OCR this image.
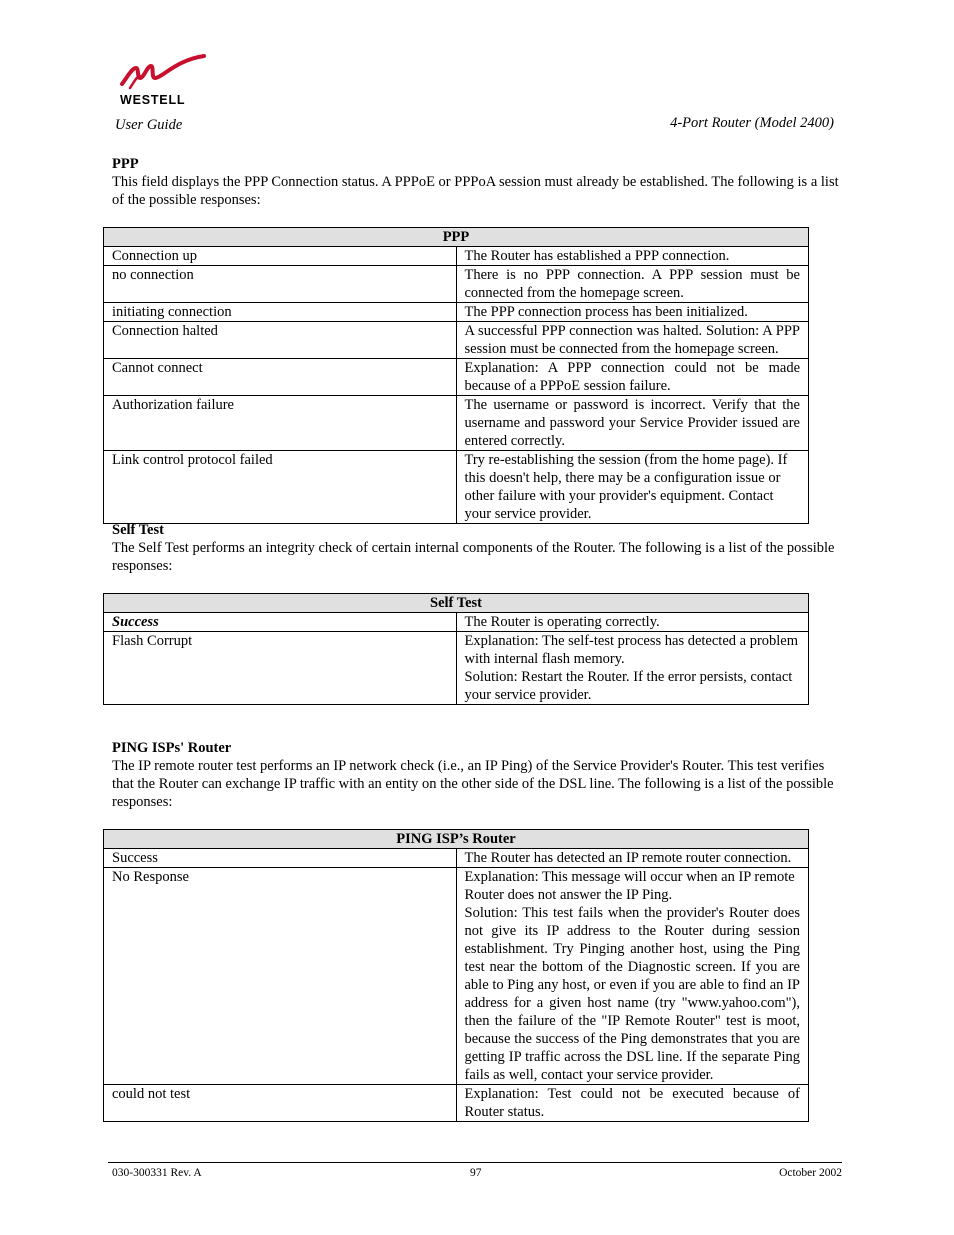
WESTELL
User Guide	4-Port Router (Model 2400)
PPP

This field displays the PPP Connection status. A PPPoE or PPPoA session must already be established. The following is a list of the possible responses:

PPP	
Connection up	The Router has established a PPP connection.
no connection	There is no PPP connection. A PPP session must be connected from the homepage screen.
initiating connection	The PPP connection process has been initialized.
Connection halted	A successful PPP connection was halted. Solution: A PPP session must be connected from the homepage screen.
Cannot connect	Explanation: A PPP connection could not be made because of a PPPoE session failure.
Authorization failure	The username or password is incorrect. Verify that the username and password your Service Provider issued are entered correctly.
Link control protocol failed	Try re-establishing the session (from the home page). If this doesn't help, there may be a configuration issue or other failure with your provider's equipment. Contact your service provider.
Self Test

The Self Test performs an integrity check of certain internal components of the Router. The following is a list of the possible responses:

Self Test	
Success	The Router is operating correctly.
Flash Corrupt	Explanation: The self-test process has detected a problem with internal flash memory.
Solution: Restart the Router. If the error persists, contact your service provider.
PING ISPs' Router

The IP remote router test performs an IP network check (i.e., an IP Ping) of the Service Provider's Router. This test verifies that the Router can exchange IP traffic with an entity on the other side of the DSL line. The following is a list of the possible responses:

PING ISP’s Router	
Success	The Router has detected an IP remote router connection.
No Response	Explanation: This message will occur when an IP remote Router does not answer the IP Ping.
Solution: This test fails when the provider's Router does not give its IP address to the Router during session establishment. Try Pinging another host, using the Ping test near the bottom of the Diagnostic screen. If you are able to Ping any host, or even if you are able to find an IP address for a given host name (try "www.yahoo.com"), then the failure of the "IP Remote Router" test is moot, because the success of the Ping demonstrates that you are getting IP traffic across the DSL line. If the separate Ping fails as well, contact your service provider.

could not test	Explanation: Test could not be executed because of Router status.
030-300331 Rev. A	97	October 2002
